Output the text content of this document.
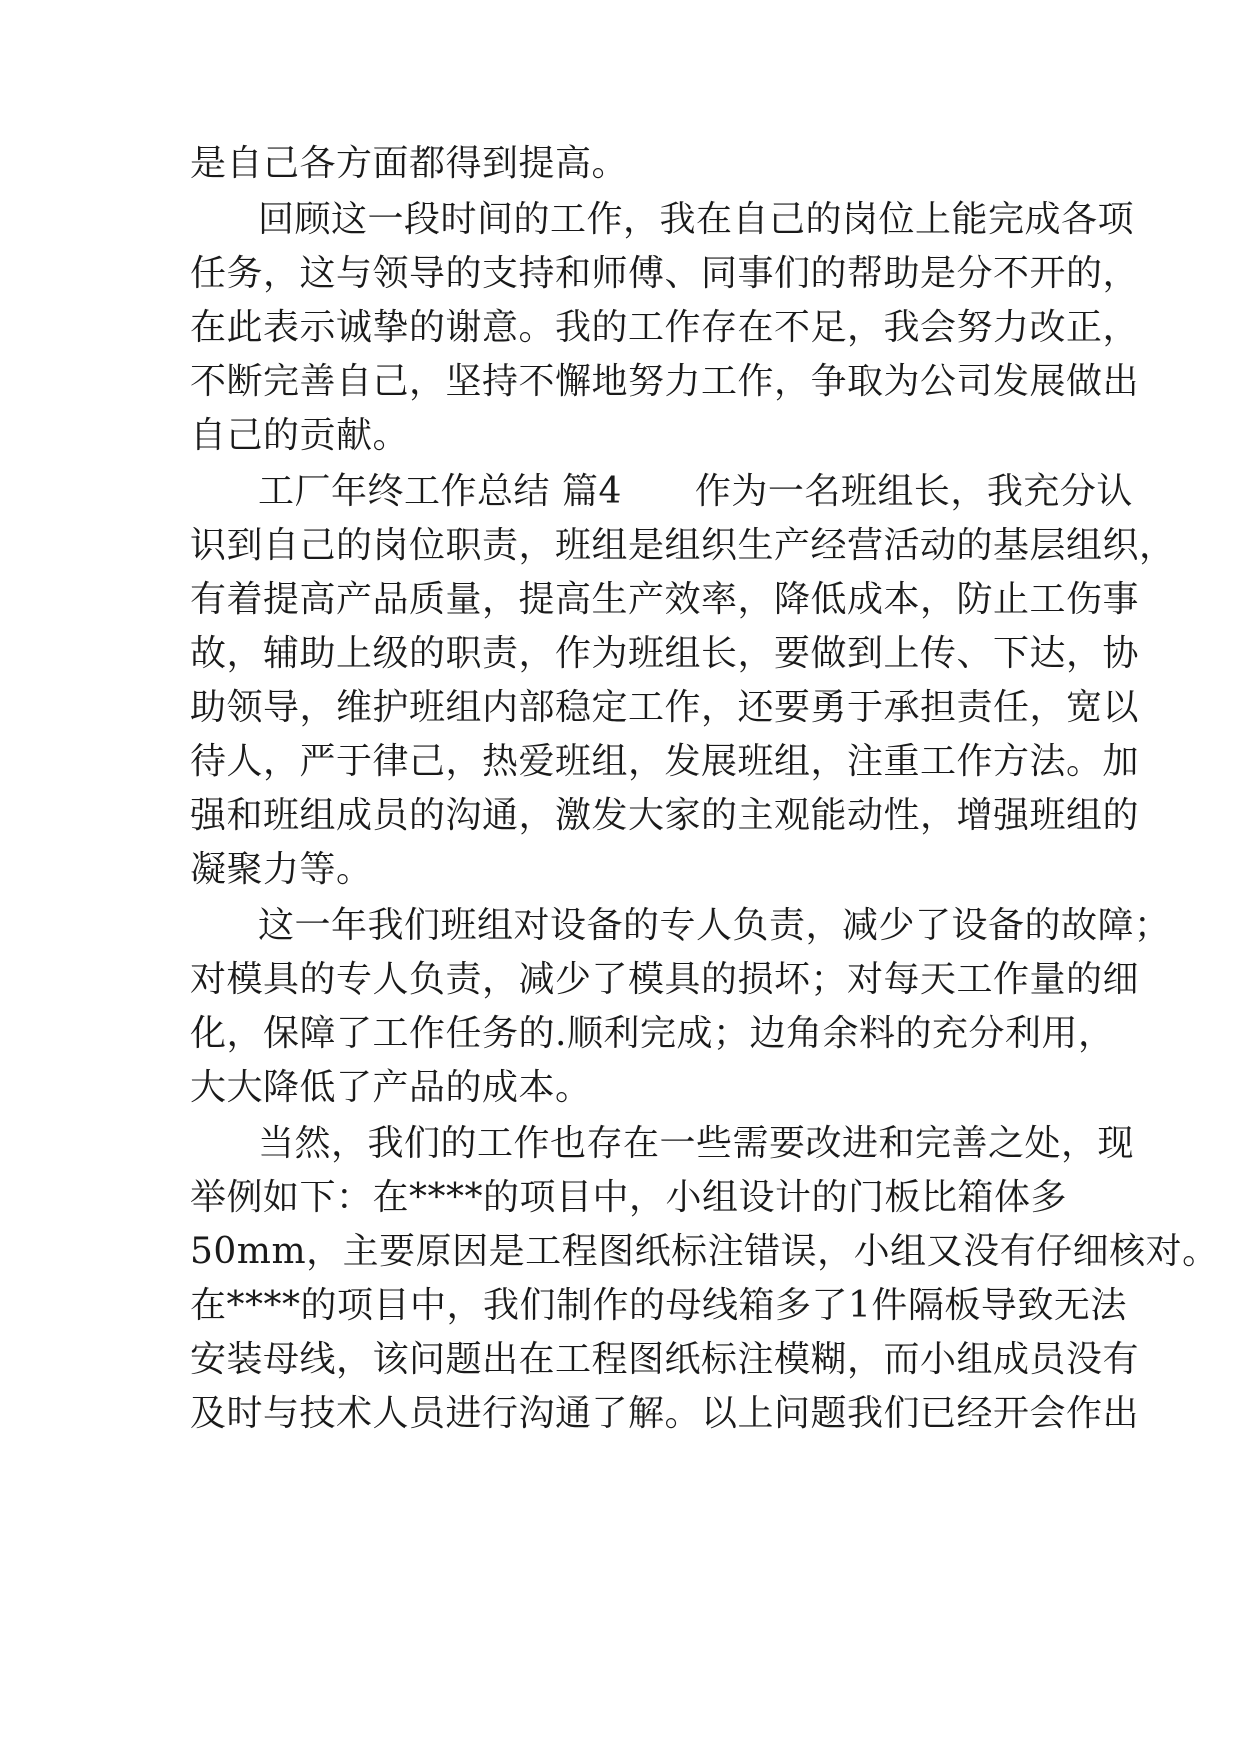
是自己各方面都得到提高。
回顾这一段时间的工作，我在自己的岗位上能完成各项
任务，这与领导的支持和师傅、同事们的帮助是分不开的，
在此表示诚挚的谢意。我的工作存在不足，我会努力改正，
不断完善自己，坚持不懈地努力工作，争取为公司发展做出
自己的贡献。
工厂年终工作总结 篇4　　作为一名班组长，我充分认
识到自己的岗位职责，班组是组织生产经营活动的基层组织，
有着提高产品质量，提高生产效率，降低成本，防止工伤事
故，辅助上级的职责，作为班组长，要做到上传、下达，协
助领导，维护班组内部稳定工作，还要勇于承担责任，宽以
待人，严于律己，热爱班组，发展班组，注重工作方法。加
强和班组成员的沟通，激发大家的主观能动性，增强班组的
凝聚力等。
这一年我们班组对设备的专人负责，减少了设备的故障；
对模具的专人负责，减少了模具的损坏；对每天工作量的细
化，保障了工作任务的.顺利完成；边角余料的充分利用，
大大降低了产品的成本。
当然，我们的工作也存在一些需要改进和完善之处，现
举例如下：在****的项目中，小组设计的门板比箱体多
50mm，主要原因是工程图纸标注错误，小组又没有仔细核对。
在****的项目中，我们制作的母线箱多了1件隔板导致无法
安装母线，该问题出在工程图纸标注模糊，而小组成员没有
及时与技术人员进行沟通了解。以上问题我们已经开会作出
